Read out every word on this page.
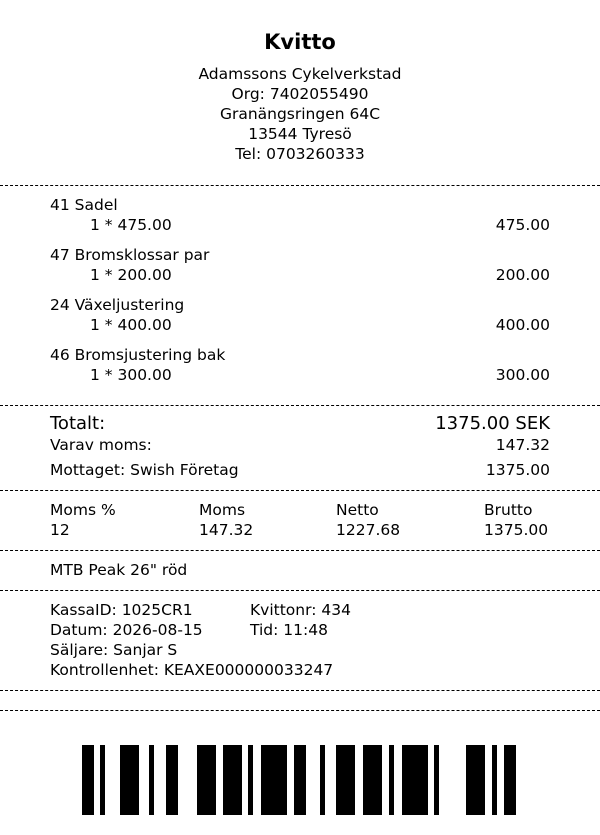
Kvitto
Adamssons Cykelverkstad
Org: 7402055490
Granängsringen 64C
13544 Tyresö
Tel: 0703260333
41 Sadel
1 * 475.00	475.00
47 Bromsklossar par
1 * 200.00	200.00
24 Växeljustering
1 * 400.00	400.00
46 Bromsjustering bak
1 * 300.00	300.00
Totalt:	1375.00 SEK
Varav moms:	147.32
Mottaget: Swish Företag	1375.00
Moms %	Moms	Netto	Brutto
12	147.32	1227.68	1375.00
MTB Peak 26" röd
KassaID: 1025CR1	Kvittonr: 434
Datum: 2026-08-15	Tid: 11:48
Säljare: Sanjar S
Kontrollenhet: KEAXE000000033247
